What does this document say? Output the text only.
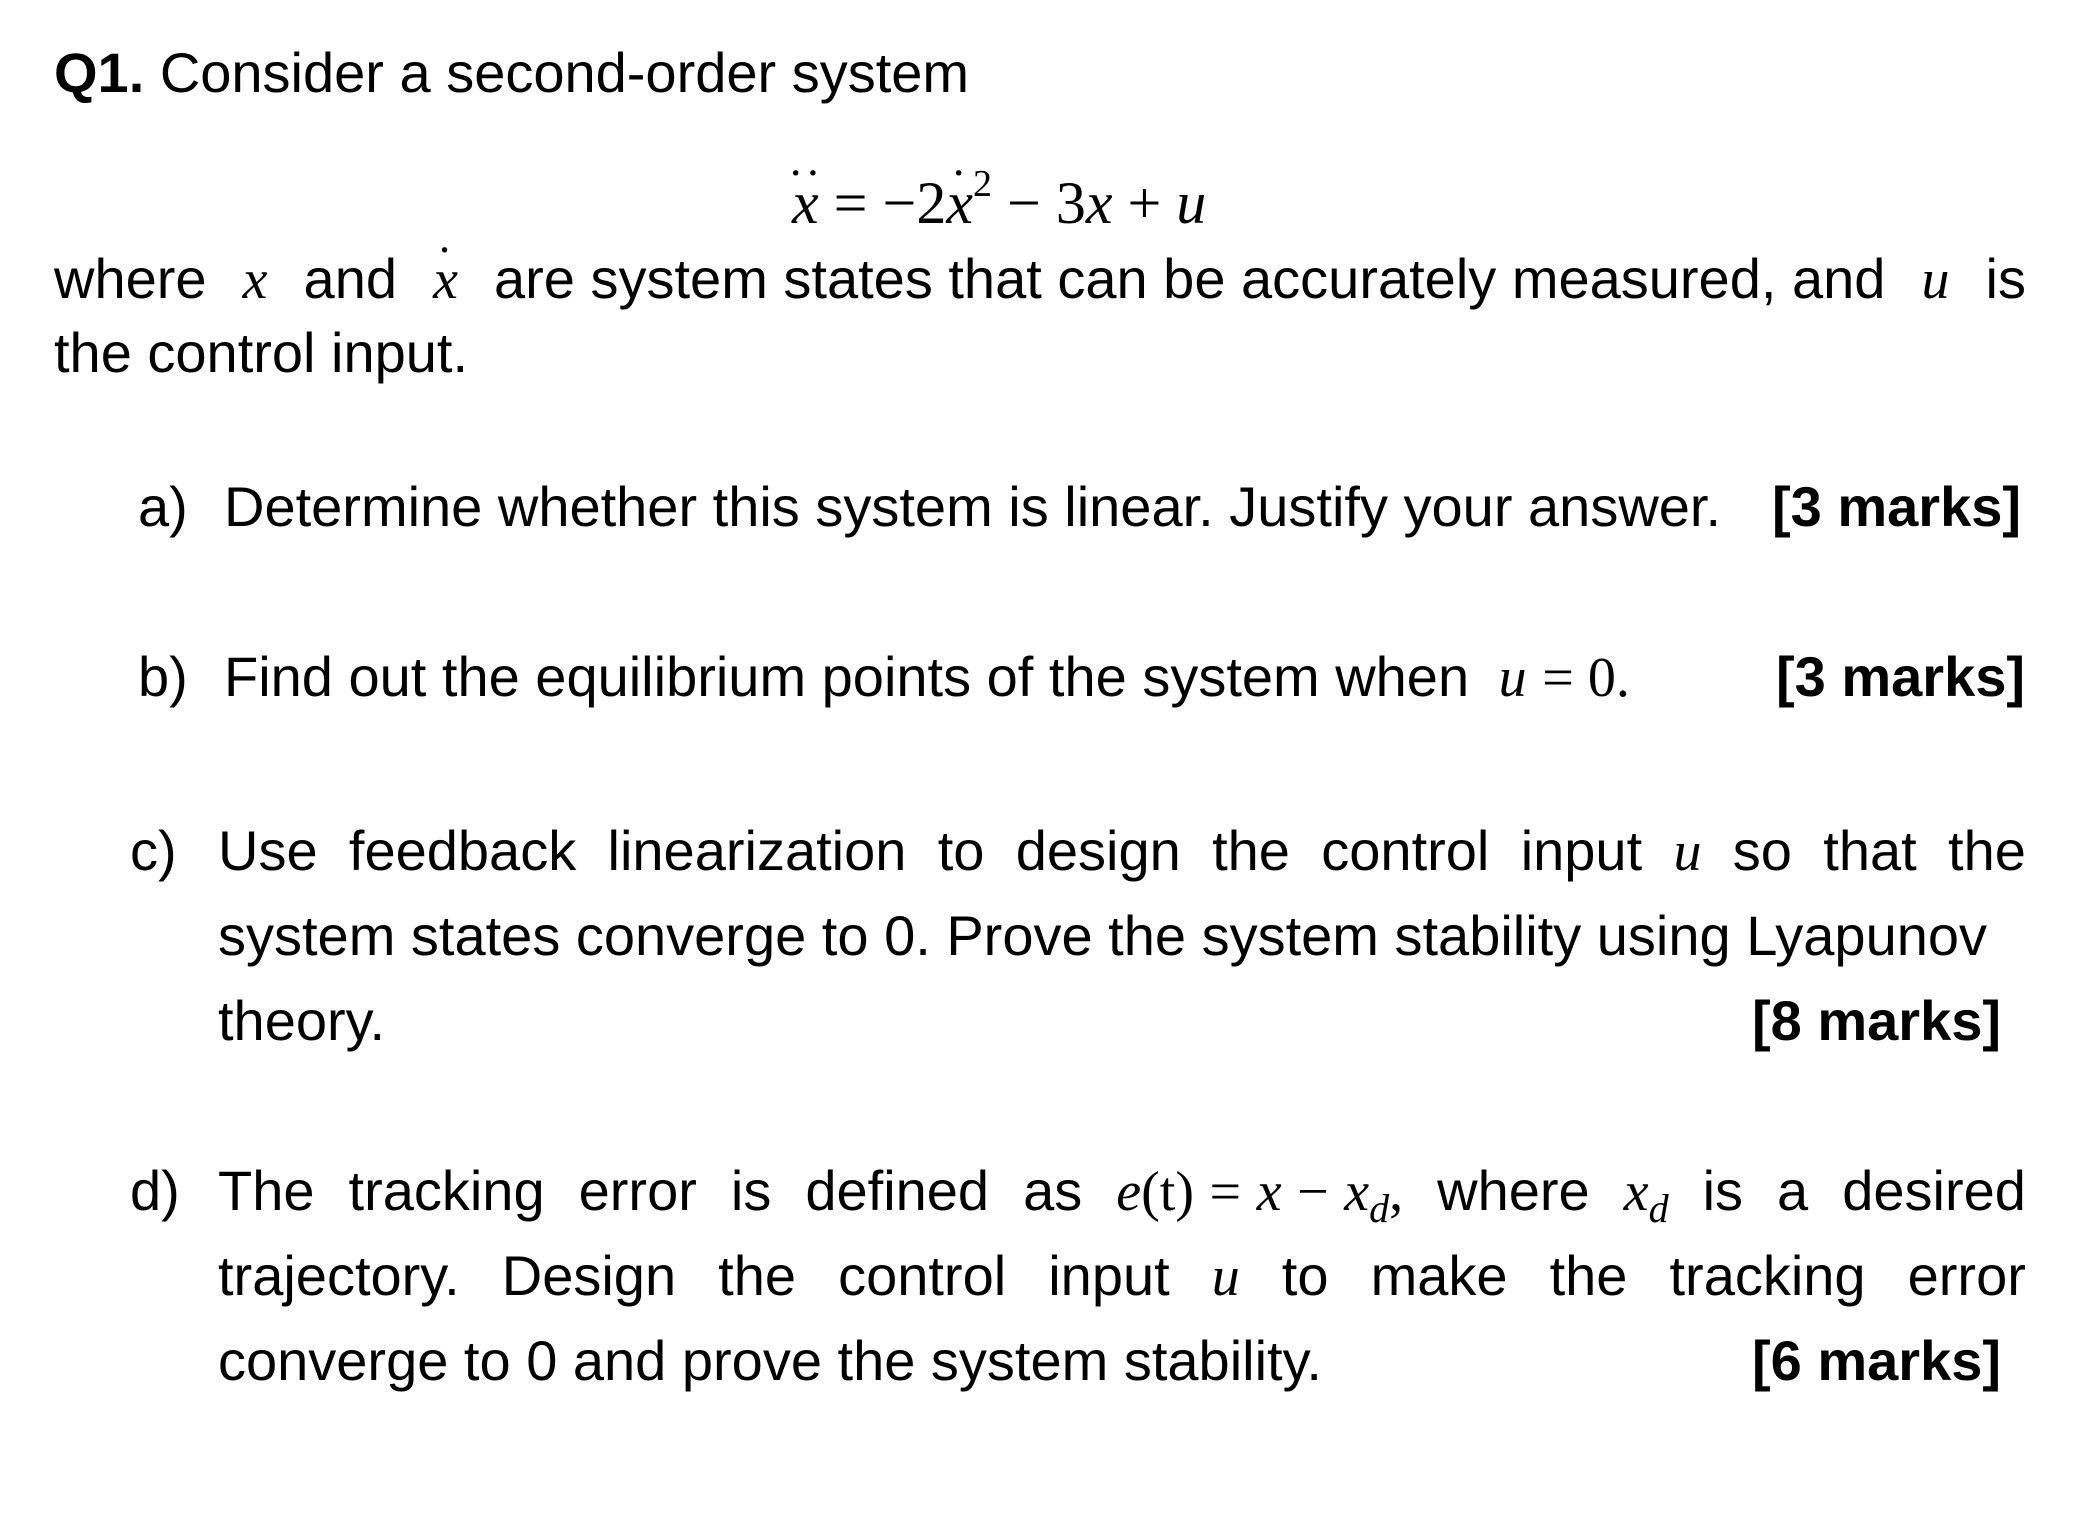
Q1. Consider a second-order system
·· $x = -2\cdot x^2 - 3x + u$
where x and
· x are system states that can be accurately measured, and u is
the control input.
a) Determine whether this system is linear. Justify your answer. [3 marks]
b) Find out the equilibrium points of the system when u = 0.	[3 marks]
c) Use feedback linearization to design the control input u so that the
system states converge to 0. Prove the system stability using Lyapunov
theory.	[8 marks]
d) The tracking error is defined as $e(t) = x - x_d$, where $x_d$ is a desired
trajectory. Design the control input u to make the tracking error
converge to 0 and prove the system stability.	[6 marks]
